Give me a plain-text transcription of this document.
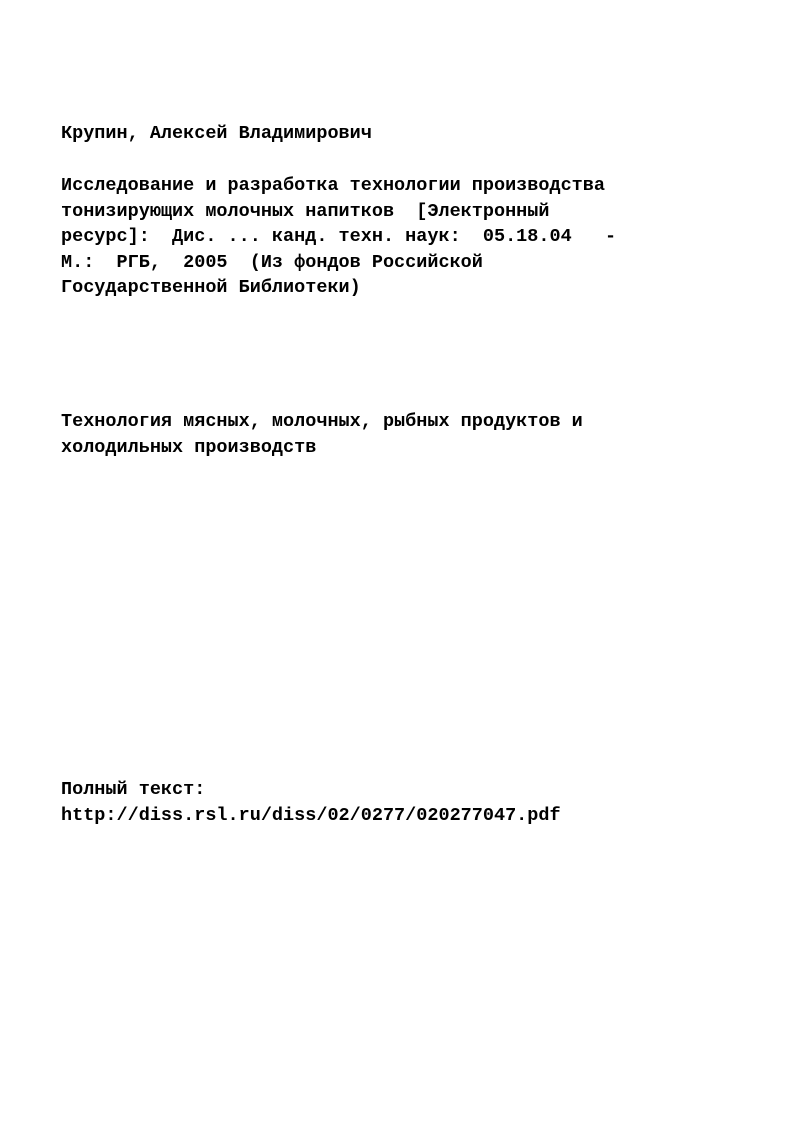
Крупин, Алексей Владимирович

Исследование и разработка технологии производства
тонизирующих молочных напитков  [Электронный
ресурс]:  Дис. ... канд. техн. наук:  05.18.04   -
М.:  РГБ,  2005  (Из фондов Российской
Государственной Библиотеки)

Технология мясных, молочных, рыбных продуктов и
холодильных производств

Полный текст:
http://diss.rsl.ru/diss/02/0277/020277047.pdf
